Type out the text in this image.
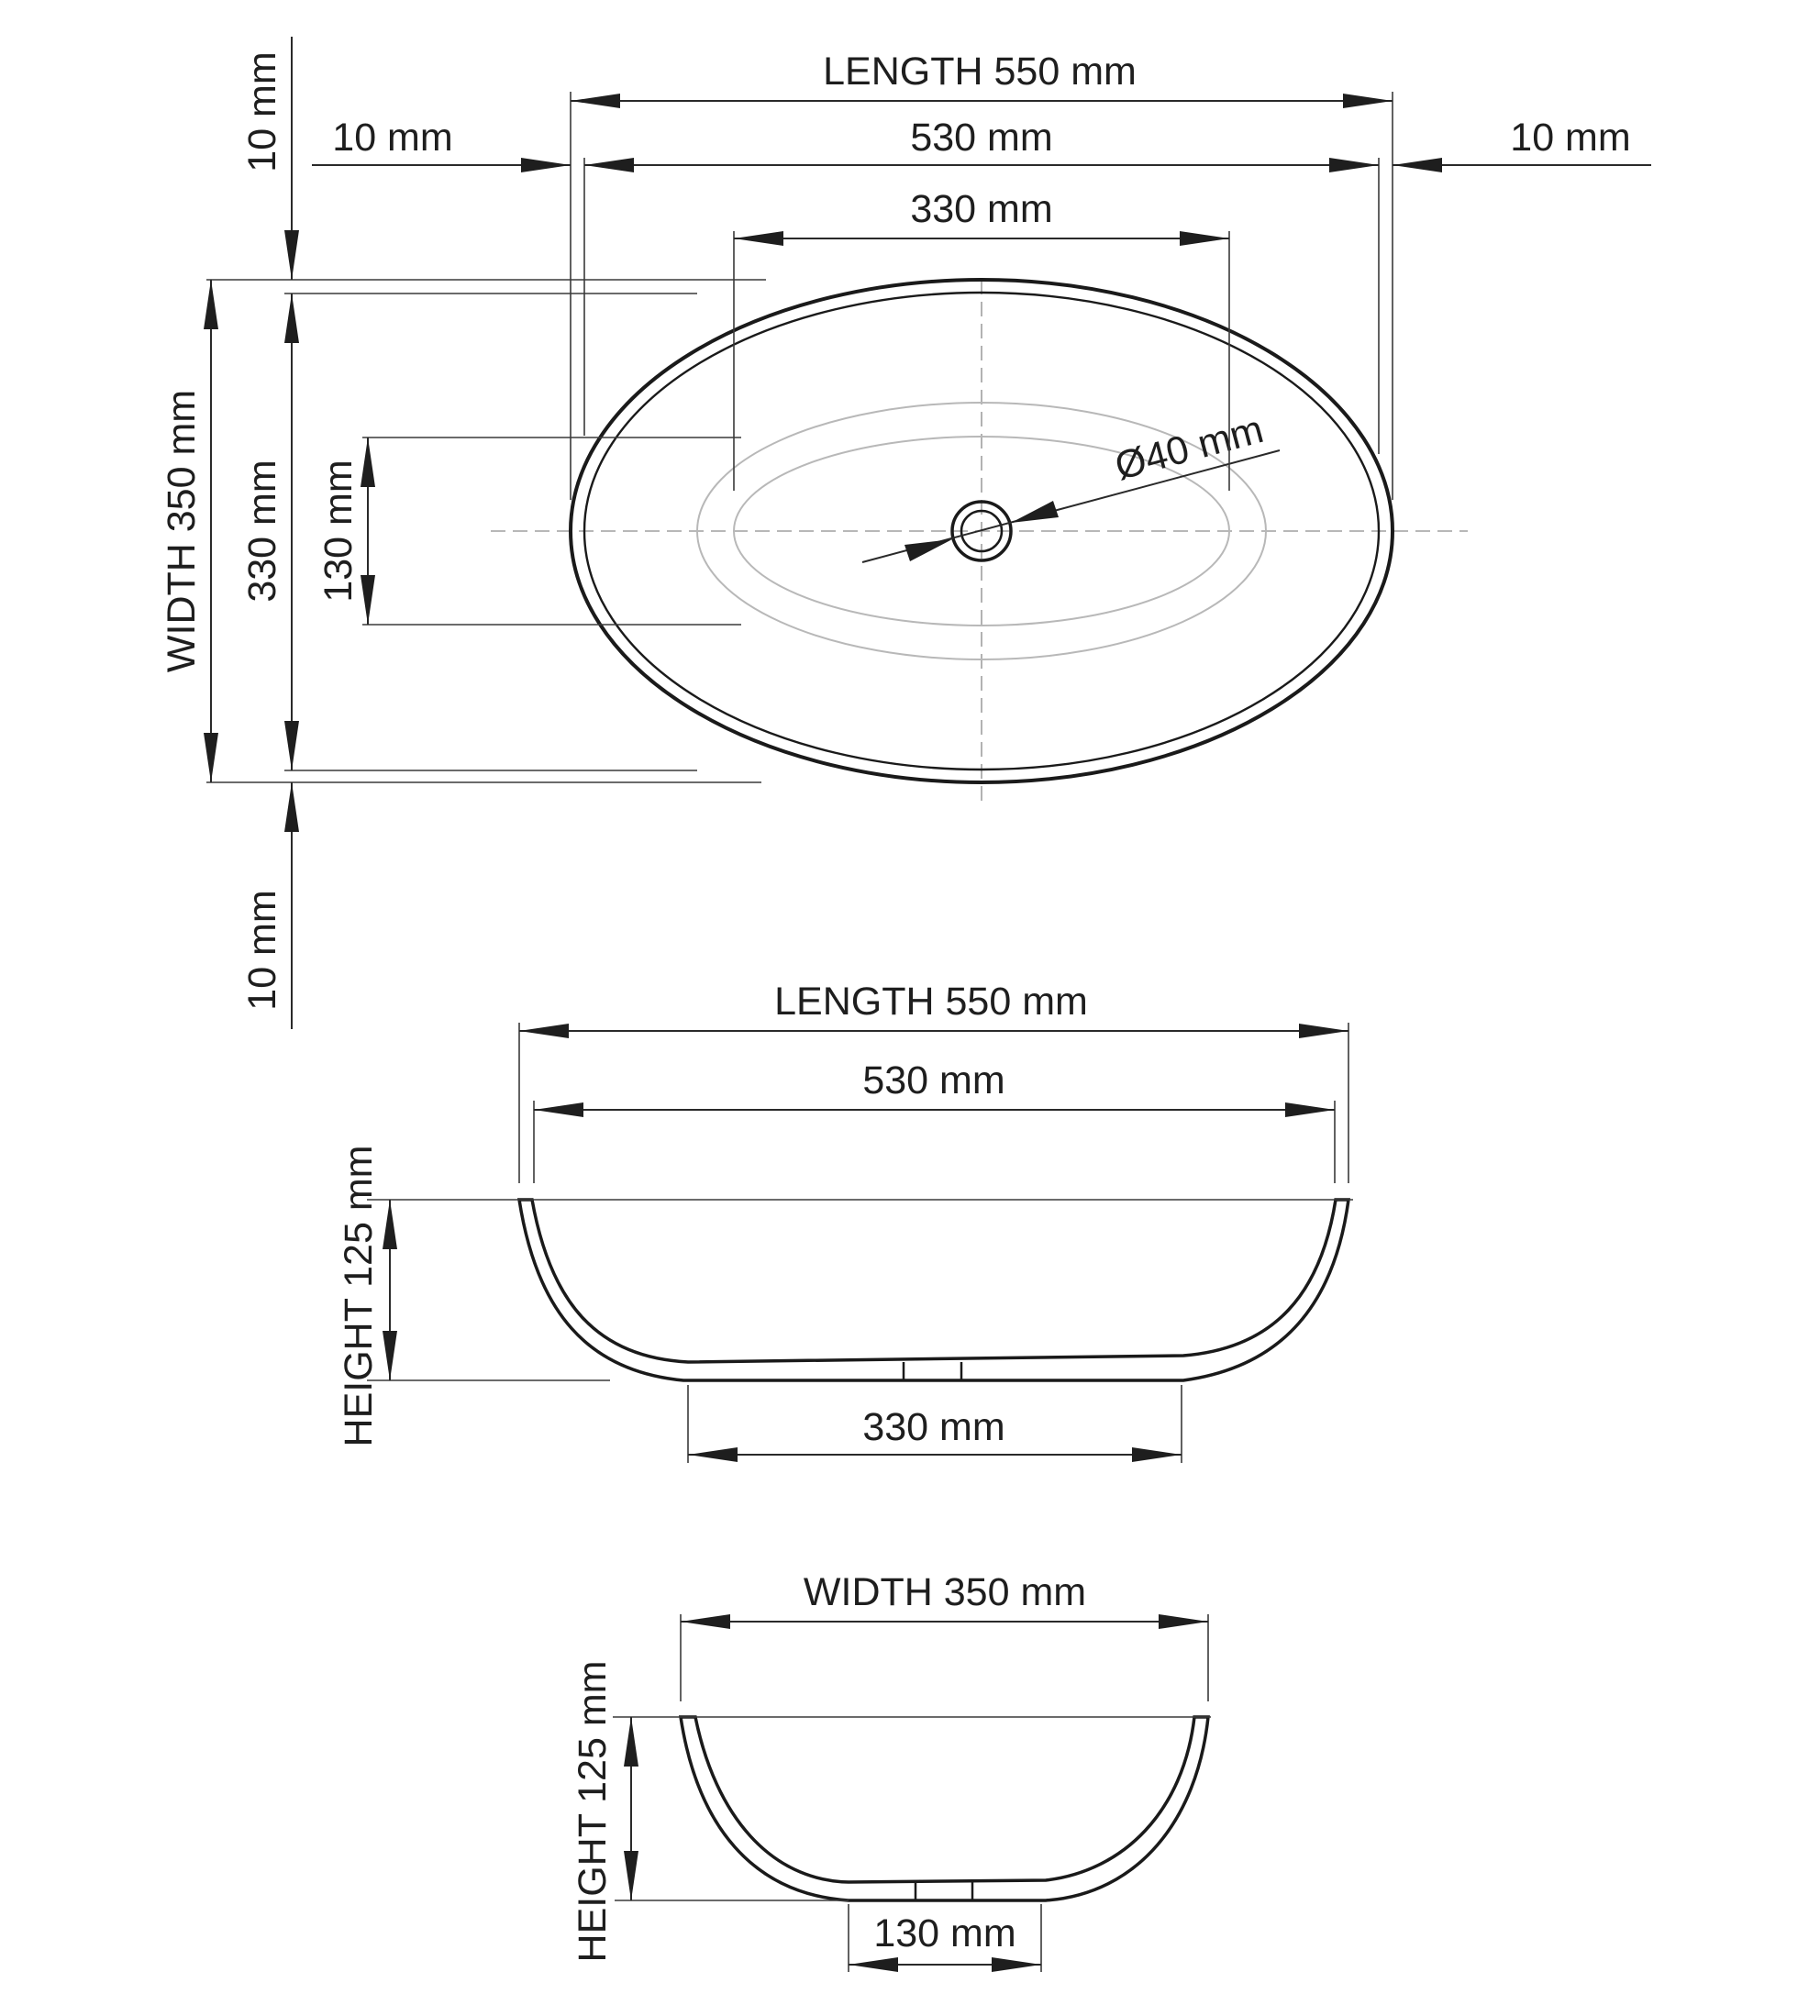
Ø40 mm
LENGTH 550 mm
530 mm
10 mm	10 mm
330 mm
WIDTH 350 mm 330 mm
10 mm
10 mm
130 mm
LENGTH 550 mm
530 mm
HEIGHT 125 mm	330 mm
WIDTH 350 mm
HEIGHT 125 mm	130 mm
